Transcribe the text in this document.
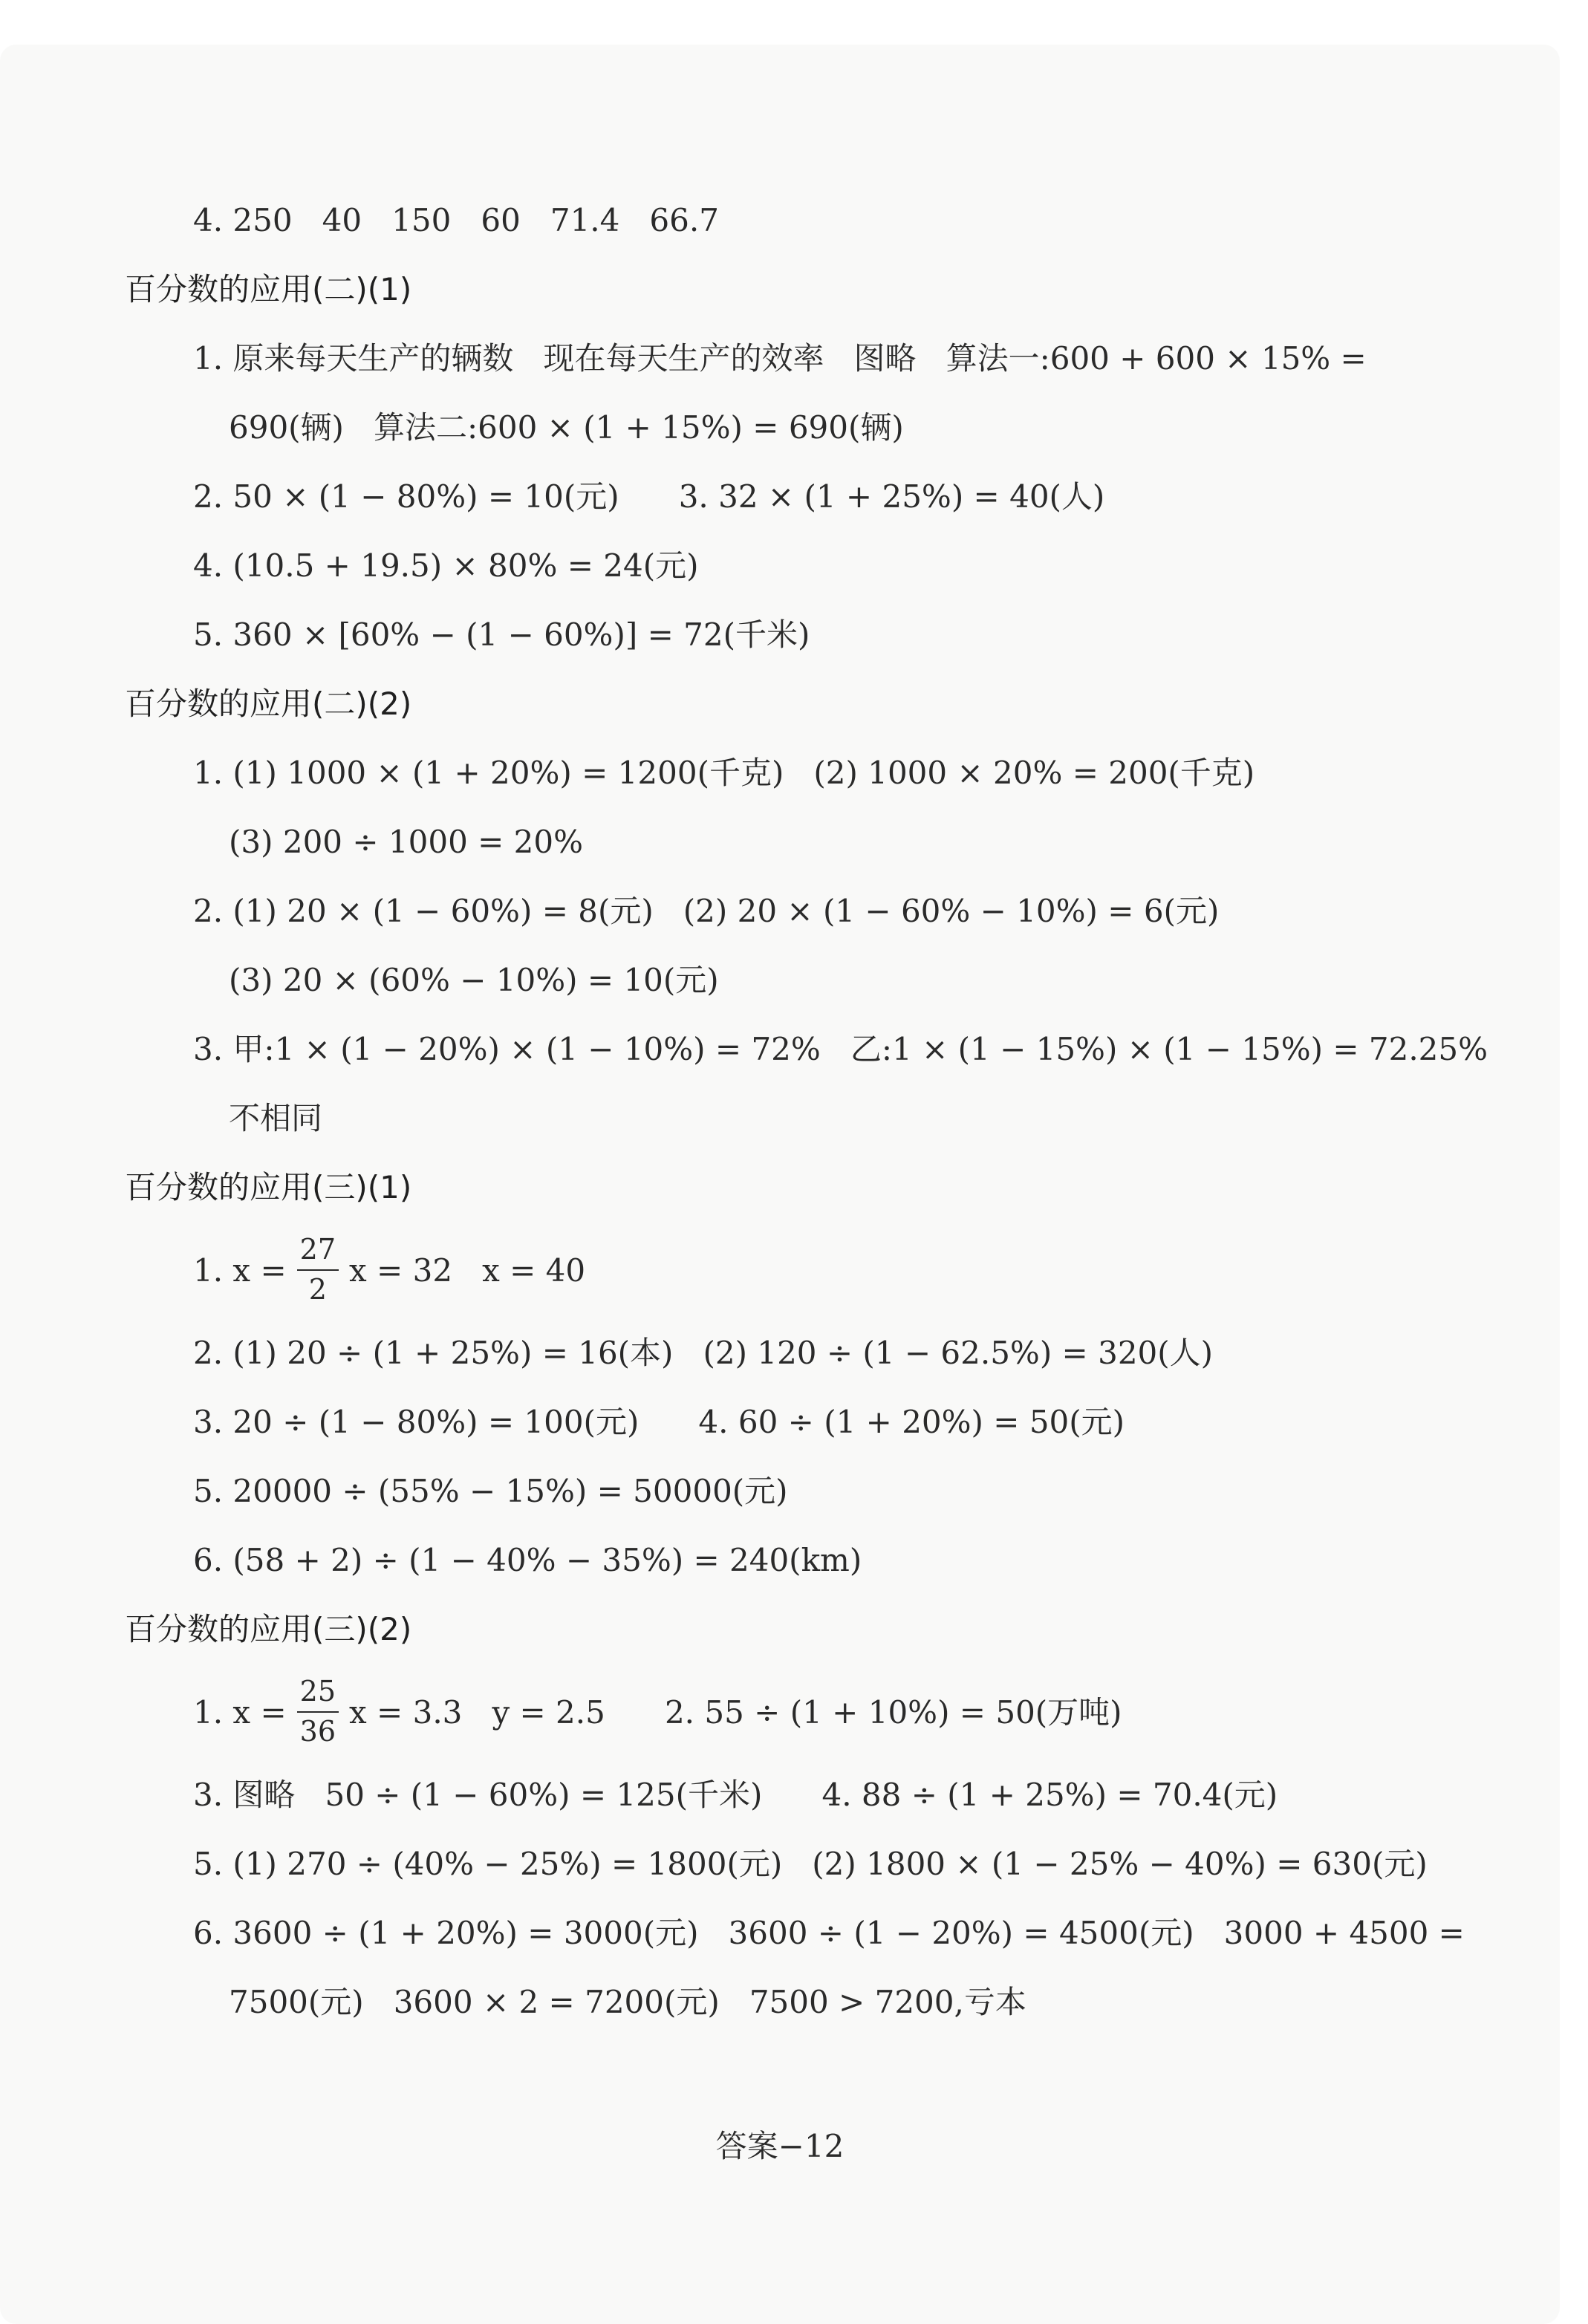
4. 250   40   150   60   71.4   66.7
百分数的应用(二)(1)
1. 原来每天生产的辆数   现在每天生产的效率   图略   算法一:600 + 600 × 15% =
690(辆)   算法二:600 × (1 + 15%) = 690(辆)
2. 50 × (1 − 80%) = 10(元)      3. 32 × (1 + 25%) = 40(人)
4. (10.5 + 19.5) × 80% = 24(元)
5. 360 × [60% − (1 − 60%)] = 72(千米)
百分数的应用(二)(2)
1. (1) 1000 × (1 + 20%) = 1200(千克)   (2) 1000 × 20% = 200(千克)
(3) 200 ÷ 1000 = 20%
2. (1) 20 × (1 − 60%) = 8(元)   (2) 20 × (1 − 60% − 10%) = 6(元)
(3) 20 × (60% − 10%) = 10(元)
3. 甲:1 × (1 − 20%) × (1 − 10%) = 72%   乙:1 × (1 − 15%) × (1 − 15%) = 72.25%
不相同
百分数的应用(三)(1)
1. $x = \frac{27}{2}$ x = 32   x = 40
2. (1) 20 ÷ (1 + 25%) = 16(本)   (2) 120 ÷ (1 − 62.5%) = 320(人)
3. 20 ÷ (1 − 80%) = 100(元)      4. 60 ÷ (1 + 20%) = 50(元)
5. 20000 ÷ (55% − 15%) = 50000(元)
6. (58 + 2) ÷ (1 − 40% − 35%) = 240(km)
百分数的应用(三)(2)
1. $x = \frac{25}{36}$ x = 3.3   y = 2.5      2. 55 ÷ (1 + 10%) = 50(万吨)
3. 图略   50 ÷ (1 − 60%) = 125(千米)      4. 88 ÷ (1 + 25%) = 70.4(元)
5. (1) 270 ÷ (40% − 25%) = 1800(元)   (2) 1800 × (1 − 25% − 40%) = 630(元)
6. 3600 ÷ (1 + 20%) = 3000(元)   3600 ÷ (1 − 20%) = 4500(元)   3000 + 4500 =
7500(元)   3600 × 2 = 7200(元)   7500 > 7200,亏本
答案−12
